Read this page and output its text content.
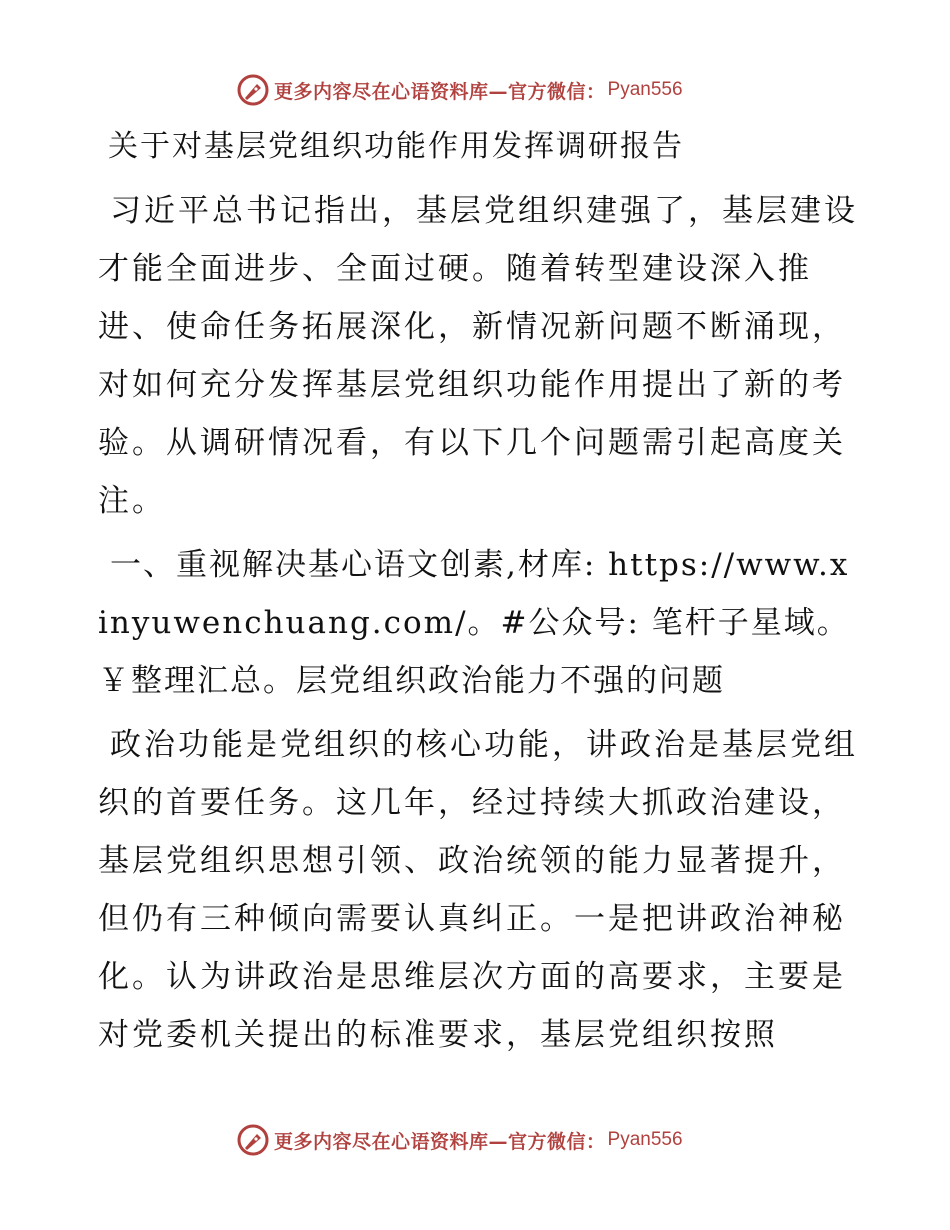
更多内容尽在心语资料库—官方微信： Pyan556
关于对基层党组织功能作用发挥调研报告

习近平总书记指出，基层党组织建强了，基层建设才能全面进步、全面过硬。随着转型建设深入推进、使命任务拓展深化，新情况新问题不断涌现，对如何充分发挥基层党组织功能作用提出了新的考验。从调研情况看，有以下几个问题需引起高度关注。

一、重视解决基心语文创素,材库: https://www.xinyuwenchuang.com/。#公众号: 笔杆子星域。￥整理汇总。层党组织政治能力不强的问题

政治功能是党组织的核心功能，讲政治是基层党组织的首要任务。这几年，经过持续大抓政治建设，基层党组织思想引领、政治统领的能力显著提升，但仍有三种倾向需要认真纠正。一是把讲政治神秘化。认为讲政治是思维层次方面的高要求，主要是对党委机关提出的标准要求，基层党组织按照

更多内容尽在心语资料库—官方微信： Pyan556
